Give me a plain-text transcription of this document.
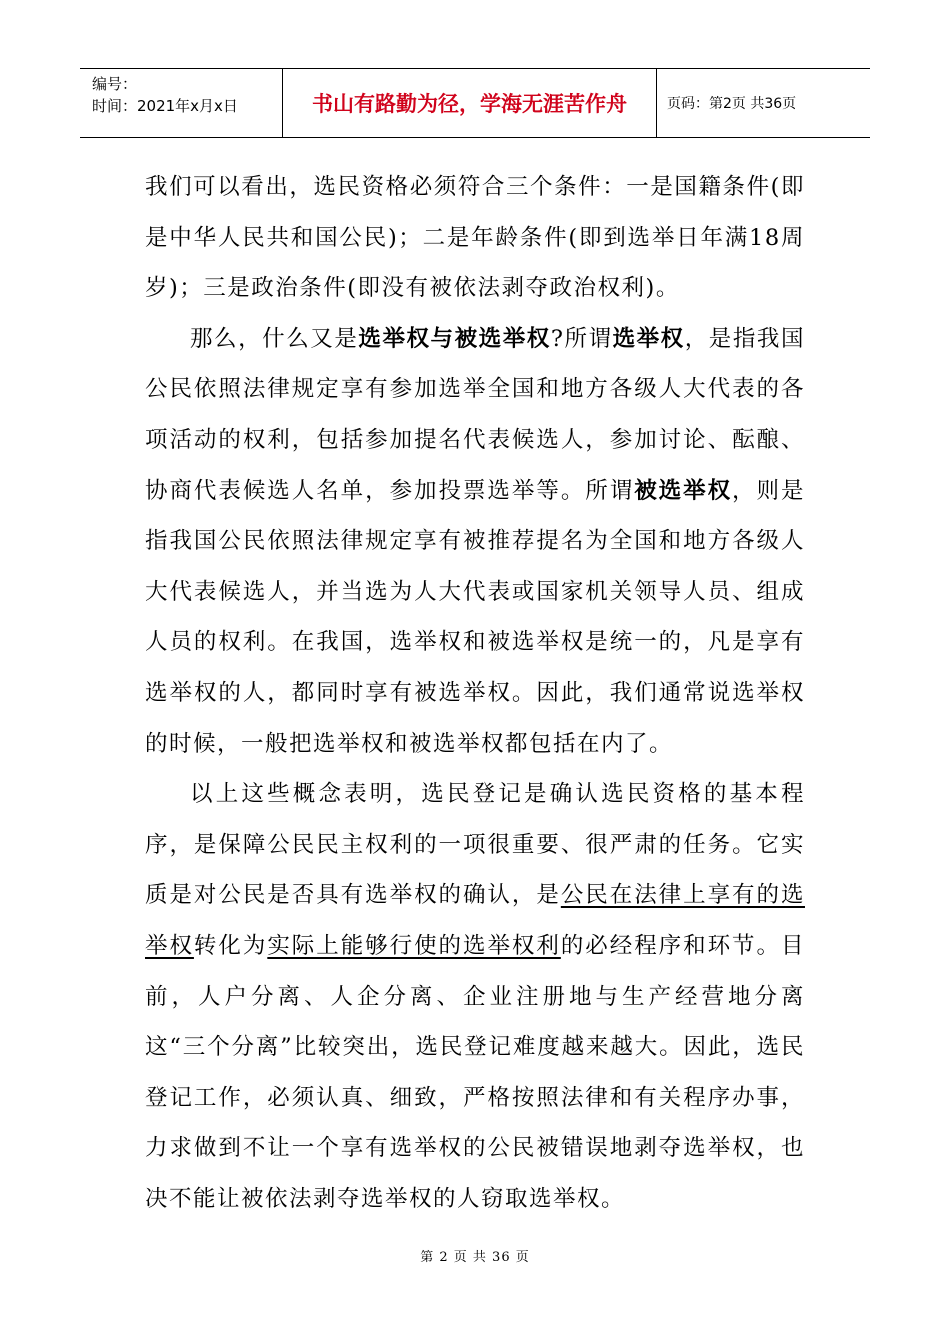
编号：
时间：2021年x月x日	书山有路勤为径，学海无涯苦作舟	页码：第2页 共36页

我们可以看出，选民资格必须符合三个条件：一是国籍条件(即是中华人民共和国公民)；二是年龄条件(即到选举日年满18周岁)；三是政治条件(即没有被依法剥夺政治权利)。

那么，什么又是选举权与被选举权?所谓选举权，是指我国公民依照法律规定享有参加选举全国和地方各级人大代表的各项活动的权利，包括参加提名代表候选人，参加讨论、酝酿、协商代表候选人名单，参加投票选举等。所谓被选举权，则是指我国公民依照法律规定享有被推荐提名为全国和地方各级人大代表候选人，并当选为人大代表或国家机关领导人员、组成人员的权利。在我国，选举权和被选举权是统一的，凡是享有选举权的人，都同时享有被选举权。因此，我们通常说选举权的时候，一般把选举权和被选举权都包括在内了。

以上这些概念表明，选民登记是确认选民资格的基本程序，是保障公民民主权利的一项很重要、很严肃的任务。它实质是对公民是否具有选举权的确认，是公民在法律上享有的选举权转化为实际上能够行使的选举权利的必经程序和环节。目前，人户分离、人企分离、企业注册地与生产经营地分离这“三个分离”比较突出，选民登记难度越来越大。因此，选民登记工作，必须认真、细致，严格按照法律和有关程序办事，力求做到不让一个享有选举权的公民被错误地剥夺选举权，也决不能让被依法剥夺选举权的人窃取选举权。

第 2 页 共 36 页
